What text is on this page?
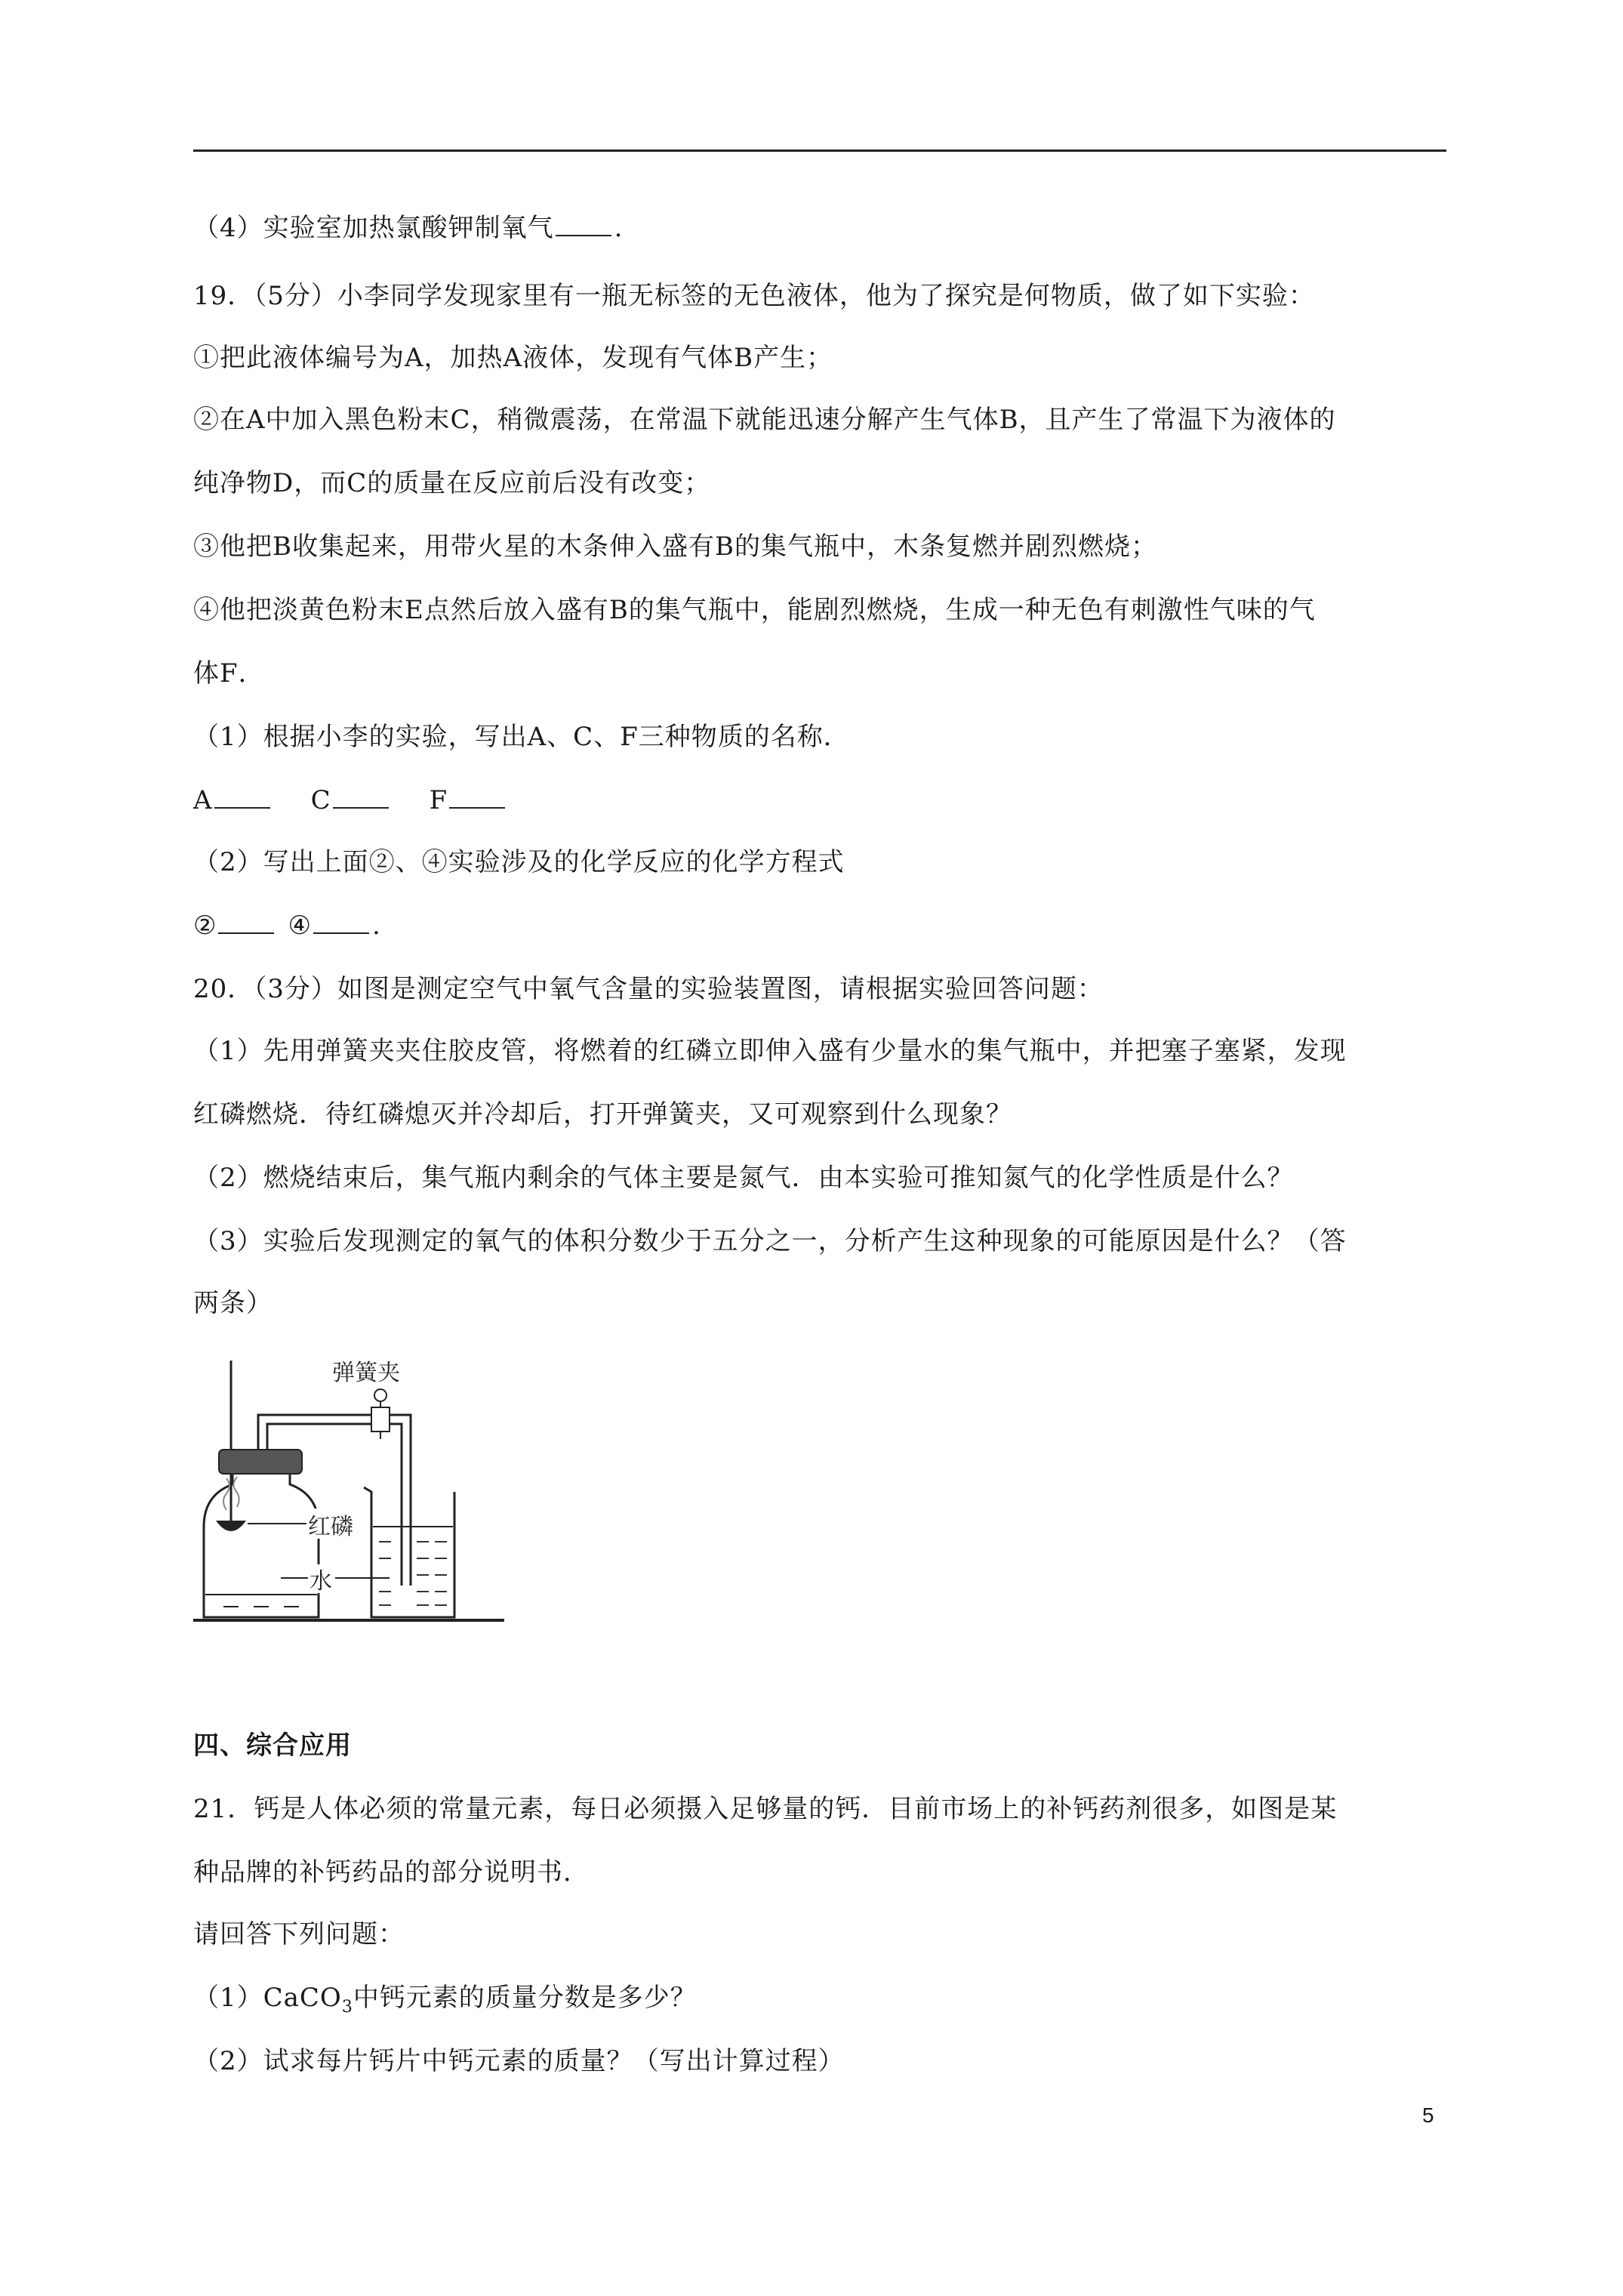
（4）实验室加热氯酸钾制氧气 .
19．（5分）小李同学发现家里有一瓶无标签的无色液体，他为了探究是何物质，做了如下实验：
①把此液体编号为A，加热A液体，发现有气体B产生；
②在A中加入黑色粉末C，稍微震荡，在常温下就能迅速分解产生气体B，且产生了常温下为液体的
纯净物D，而C的质量在反应前后没有改变；
③他把B收集起来，用带火星的木条伸入盛有B的集气瓶中，木条复燃并剧烈燃烧；
④他把淡黄色粉末E点然后放入盛有B的集气瓶中，能剧烈燃烧，生成一种无色有刺激性气味的气
体F．
（1）根据小李的实验，写出A、C、F三种物质的名称．
A	C	F
（2）写出上面②、④实验涉及的化学反应的化学方程式
②	④ .
20．（3分）如图是测定空气中氧气含量的实验装置图，请根据实验回答问题：
（1）先用弹簧夹夹住胶皮管，将燃着的红磷立即伸入盛有少量水的集气瓶中，并把塞子塞紧，发现
红磷燃烧．待红磷熄灭并冷却后，打开弹簧夹，又可观察到什么现象？
（2）燃烧结束后，集气瓶内剩余的气体主要是氮气．由本实验可推知氮气的化学性质是什么？
（3）实验后发现测定的氧气的体积分数少于五分之一，分析产生这种现象的可能原因是什么？（答
两条）
弹簧夹
红磷
水
四、综合应用
21．钙是人体必须的常量元素，每日必须摄入足够量的钙．目前市场上的补钙药剂很多，如图是某
种品牌的补钙药品的部分说明书．
请回答下列问题：
（1）CaCO$_3$中钙元素的质量分数是多少？
（2）试求每片钙片中钙元素的质量？（写出计算过程）
5
